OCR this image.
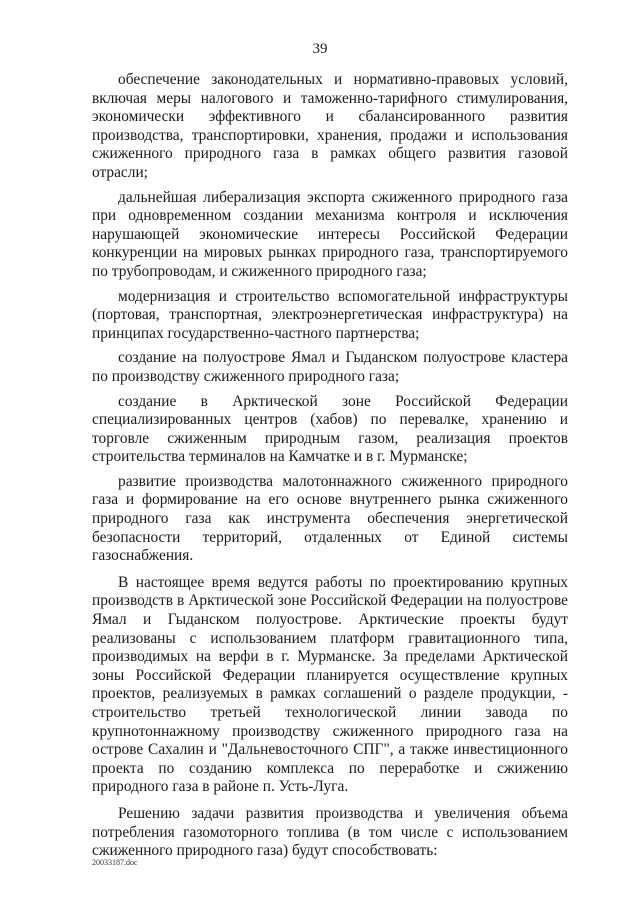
39

обеспечение законодательных и нормативно-правовых условий, включая меры налогового и таможенно-тарифного стимулирования, экономически эффективного и сбалансированного развития производства, транспортировки, хранения, продажи и использования сжиженного природного газа в рамках общего развития газовой отрасли;

дальнейшая либерализация экспорта сжиженного природного газа при одновременном создании механизма контроля и исключения нарушающей экономические интересы Российской Федерации конкуренции на мировых рынках природного газа, транспортируемого по трубопроводам, и сжиженного природного газа;

модернизация и строительство вспомогательной инфраструктуры (портовая, транспортная, электроэнергетическая инфраструктура) на принципах государственно-частного партнерства;

создание на полуострове Ямал и Гыданском полуострове кластера по производству сжиженного природного газа;

создание в Арктической зоне Российской Федерации специализированных центров (хабов) по перевалке, хранению и торговле сжиженным природным газом, реализация проектов строительства терминалов на Камчатке и в г. Мурманске;

развитие производства малотоннажного сжиженного природного газа и формирование на его основе внутреннего рынка сжиженного природного газа как инструмента обеспечения энергетической безопасности территорий, отдаленных от Единой системы газоснабжения.

В настоящее время ведутся работы по проектированию крупных производств в Арктической зоне Российской Федерации на полуострове Ямал и Гыданском полуострове. Арктические проекты будут реализованы с использованием платформ гравитационного типа, производимых на верфи в г. Мурманске. За пределами Арктической зоны Российской Федерации планируется осуществление крупных проектов, реализуемых в рамках соглашений о разделе продукции, - строительство третьей технологической линии завода по крупнотоннажному производству сжиженного природного газа на острове Сахалин и "Дальневосточного СПГ", а также инвестиционного проекта по созданию комплекса по переработке и сжижению природного газа в районе п. Усть-Луга.

Решению задачи развития производства и увеличения объема потребления газомоторного топлива (в том числе с использованием сжиженного природного газа) будут способствовать:

20033187.doc
